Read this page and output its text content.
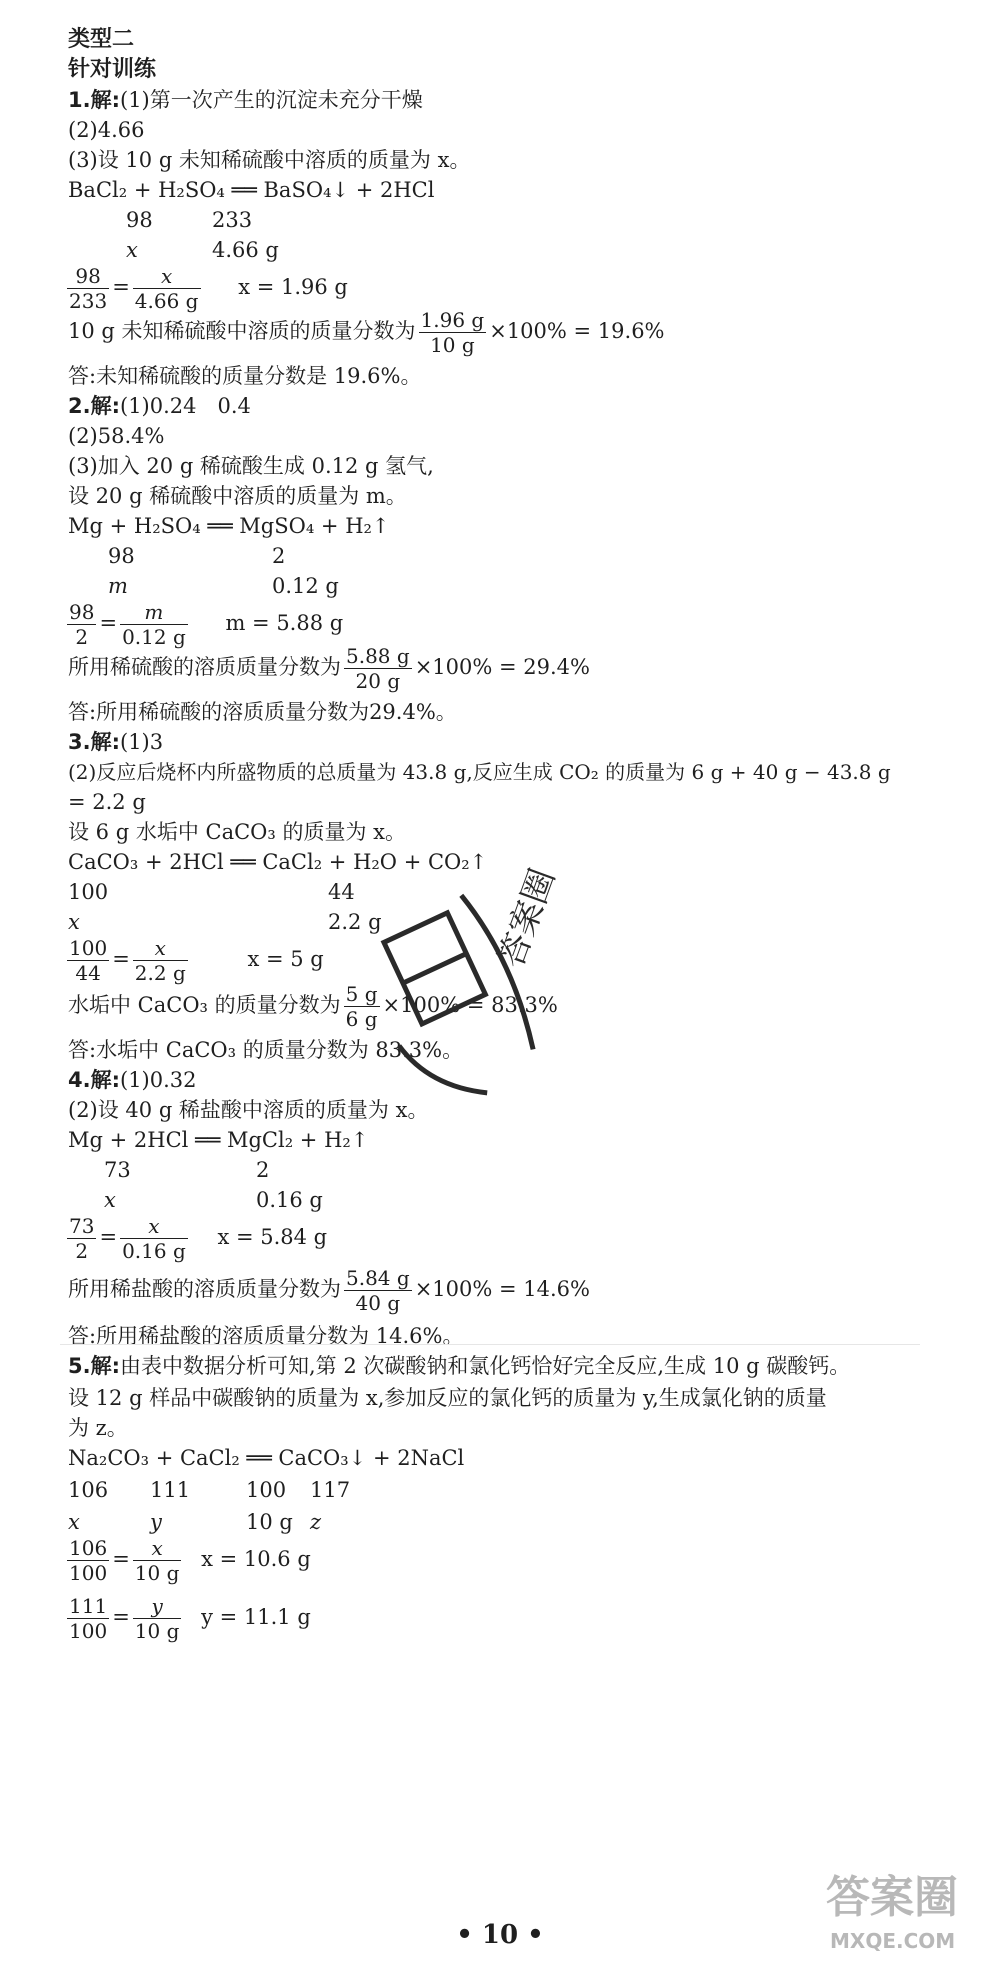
类型二
针对训练
1.解:(1)第一次产生的沉淀未充分干燥
(2)4.66
(3)设 10 g 未知稀硫酸中溶质的质量为 x。
BaCl₂ + H₂SO₄ ══ BaSO₄↓ + 2HCl
98	233
x	4.66 g
$\frac{98}{233} = \frac{x}{4.66 g}$ x = 1.96 g
10 g 未知稀硫酸中溶质的质量分数为 $\frac{1.96 g}{10 g} \times 100\% = 19.6\%$
答:未知稀硫酸的质量分数是 19.6%。
2.解:(1)0.24　0.4
(2)58.4%
(3)加入 20 g 稀硫酸生成 0.12 g 氢气,
设 20 g 稀硫酸中溶质的质量为 m。
Mg + H₂SO₄ ══ MgSO₄ + H₂↑
98	2
m	0.12 g
$\frac{98}{2} = \frac{m}{0.12 g}$ m = 5.88 g
所用稀硫酸的溶质质量分数为 $\frac{5.88 g}{20 g} \times 100\% = 29.4\%$
答:所用稀硫酸的溶质质量分数为29.4%。
3.解:(1)3
(2)反应后烧杯内所盛物质的总质量为 43.8 g,反应生成 CO₂ 的质量为 6 g + 40 g − 43.8 g
= 2.2 g
设 6 g 水垢中 CaCO₃ 的质量为 x。
CaCO₃ + 2HCl ══ CaCl₂ + H₂O + CO₂↑
100	44
x	2.2 g
$\frac{100}{44} = \frac{x}{2.2 g}$	x = 5 g
水垢中 CaCO₃ 的质量分数为 $\frac{5 g}{6 g} \times 100\% = 83.3\%$
答:水垢中 CaCO₃ 的质量分数为 83.3%。
4.解:(1)0.32
(2)设 40 g 稀盐酸中溶质的质量为 x。
Mg + 2HCl ══ MgCl₂ + H₂↑
73	2
x	0.16 g
$\frac{73}{2} = \frac{x}{0.16 g}$ x = 5.84 g
所用稀盐酸的溶质质量分数为 $\frac{5.84 g}{40 g} \times 100\% = 14.6\%$
答:所用稀盐酸的溶质质量分数为 14.6%。
5.解:由表中数据分析可知,第 2 次碳酸钠和氯化钙恰好完全反应,生成 10 g 碳酸钙。
设 12 g 样品中碳酸钠的质量为 x,参加反应的氯化钙的质量为 y,生成氯化钠的质量
为 z。
Na₂CO₃ + CaCl₂ ══ CaCO₃↓ + 2NaCl
106 111	100 117
x	y	10 g z
$\frac{106}{100} = \frac{x}{10 g}$ x = 10.6 g
$\frac{111}{100} = \frac{y}{10 g}$ y = 11.1 g
• 10 •
答案圈
答案圈
MXQE.COM
